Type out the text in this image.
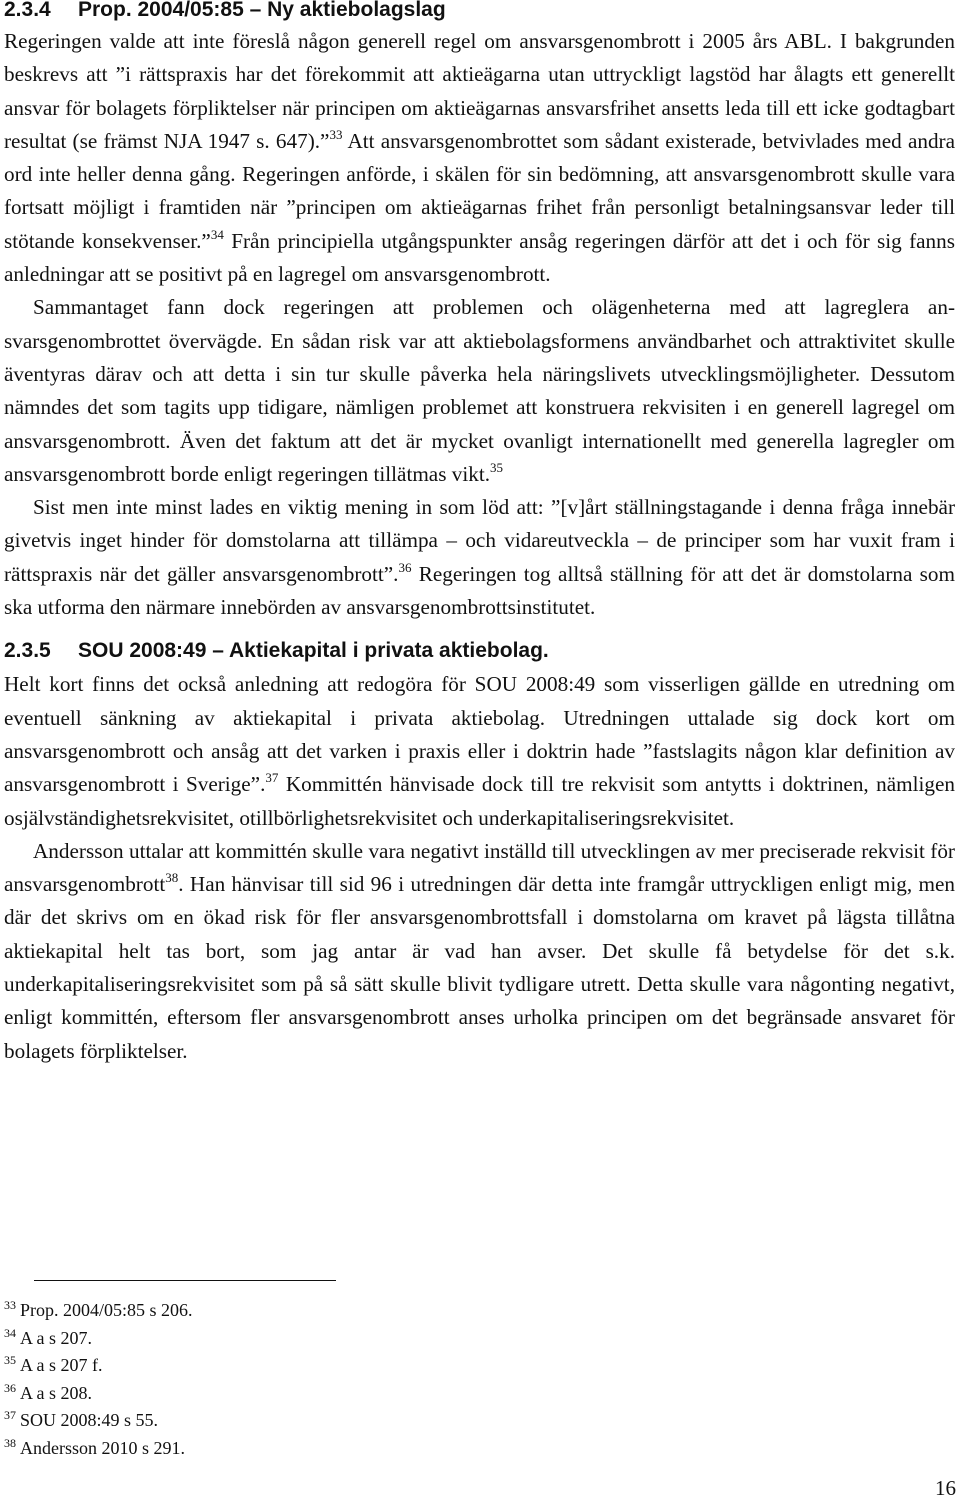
2.3.4 Prop. 2004/05:85 – Ny aktiebolagslag

Regeringen valde att inte föreslå någon generell regel om ansvarsgenombrott i 2005 års ABL. I bakgrunden beskrevs att ”i rättspraxis har det förekommit att aktieägarna utan uttryckligt lagstöd har ålagts ett generellt ansvar för bolagets förpliktelser när principen om aktieägarnas ansvarsfrihet ansetts leda till ett icke godtagbart resultat (se främst NJA 1947 s. 647).”$^{33}$ Att ansvarsgenombrottet som sådant existerade, betvivlades med andra ord inte heller denna gång. Regeringen anförde, i skälen för sin bedömning, att ansvarsgenombrott skulle vara fortsatt möjligt i framtiden när ”principen om aktieägarnas frihet från personligt betalningsansvar leder till stötande konsekvenser.”$^{34}$ Från principiella utgångspunkter ansåg regeringen därför att det i och för sig fanns anledningar att se positivt på en lagregel om ansvarsgenombrott.

Sammantaget fann dock regeringen att problemen och olägenheterna med att lagreglera ansvarsgenombrottet övervägde. En sådan risk var att aktiebolagsformens användbarhet och attraktivitet skulle äventyras därav och att detta i sin tur skulle påverka hela näringslivets utvecklingsmöjligheter. Dessutom nämndes det som tagits upp tidigare, nämligen problemet att konstruera rekvisiten i en generell lagregel om ansvarsgenombrott. Även det faktum att det är mycket ovanligt internationellt med generella lagregler om ansvarsgenombrott borde enligt regeringen tillätmas vikt.$^{35}$

Sist men inte minst lades en viktig mening in som löd att: ”[v]årt ställningstagande i denna fråga innebär givetvis inget hinder för domstolarna att tillämpa – och vidareutveckla – de principer som har vuxit fram i rättspraxis när det gäller ansvarsgenombrott”.$^{36}$ Regeringen tog alltså ställning för att det är domstolarna som ska utforma den närmare innebörden av ansvarsgenombrottsinstitutet.

2.3.5 SOU 2008:49 – Aktiekapital i privata aktiebolag.

Helt kort finns det också anledning att redogöra för SOU 2008:49 som visserligen gällde en utredning om eventuell sänkning av aktiekapital i privata aktiebolag. Utredningen uttalade sig dock kort om ansvarsgenombrott och ansåg att det varken i praxis eller i doktrin hade ”fastslagits någon klar definition av ansvarsgenombrott i Sverige”.$^{37}$ Kommittén hänvisade dock till tre rekvisit som antytts i doktrinen, nämligen osjälvständighetsrekvisitet, otillbörlighetsrekvisitet och underkapitaliseringsrekvisitet.

Andersson uttalar att kommittén skulle vara negativt inställd till utvecklingen av mer preciserade rekvisit för ansvarsgenombrott$^{38}$. Han hänvisar till sid 96 i utredningen där detta inte framgår uttryckligen enligt mig, men där det skrivs om en ökad risk för fler ansvarsgenombrottsfall i domstolarna om kravet på lägsta tillåtna aktiekapital helt tas bort, som jag antar är vad han avser. Det skulle få betydelse för det s.k. underkapitaliseringsrekvisitet som på så sätt skulle blivit tydligare utrett. Detta skulle vara någonting negativt, enligt kommittén, eftersom fler ansvarsgenombrott anses urholka principen om det begränsade ansvaret för bolagets förpliktelser.

$^{33}$ Prop. 2004/05:85 s 206.
$^{34}$ A a s 207.
$^{35}$ A a s 207 f.
$^{36}$ A a s 208.
$^{37}$ SOU 2008:49 s 55.
$^{38}$ Andersson 2010 s 291.
16
